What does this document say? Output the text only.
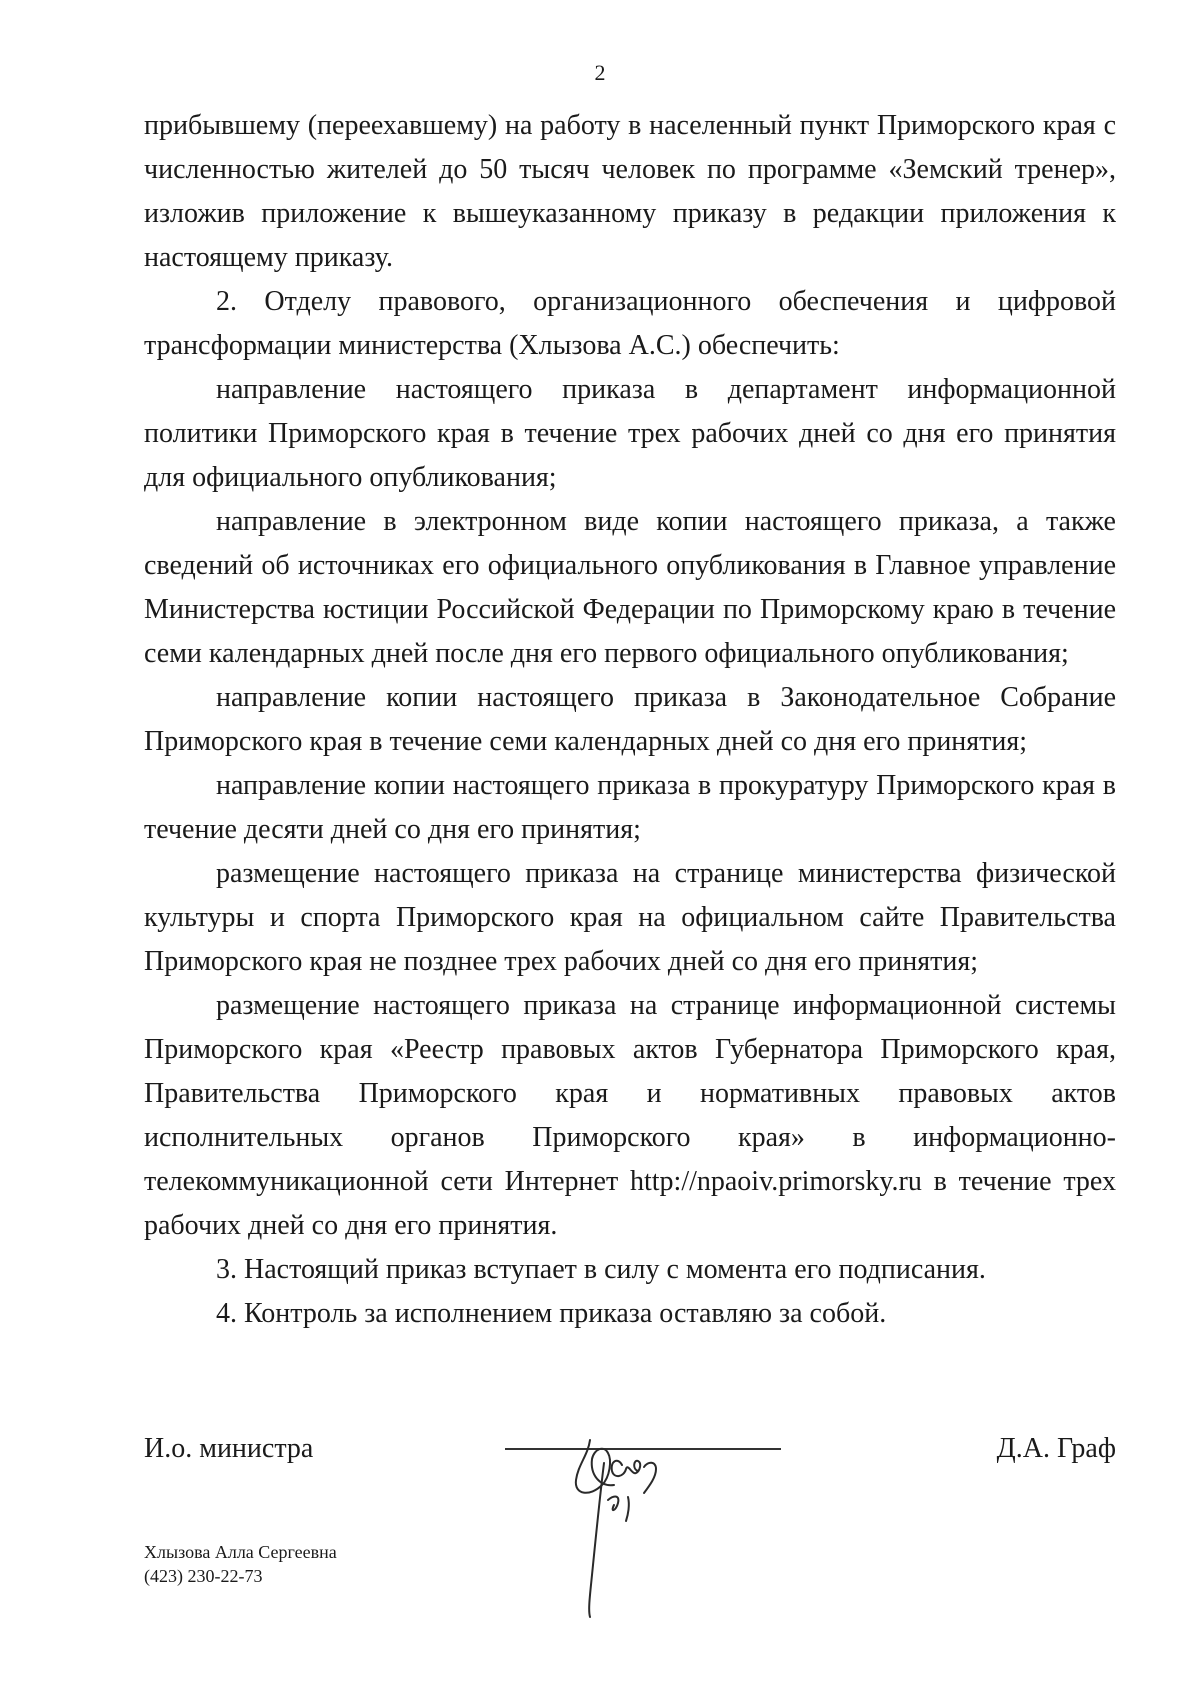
2

прибывшему (переехавшему) на работу в населенный пункт Приморского края с численностью жителей до 50 тысяч человек по программе «Земский тренер», изложив приложение к вышеуказанному приказу в редакции приложения к настоящему приказу.

2. Отделу правового, организационного обеспечения и цифровой трансформации министерства (Хлызова А.С.) обеспечить:

направление настоящего приказа в департамент информационной политики Приморского края в течение трех рабочих дней со дня его принятия для официального опубликования;

направление в электронном виде копии настоящего приказа, а также сведений об источниках его официального опубликования в Главное управление Министерства юстиции Российской Федерации по Приморскому краю в течение семи календарных дней после дня его первого официального опубликования;

направление копии настоящего приказа в Законодательное Собрание Приморского края в течение семи календарных дней со дня его принятия;

направление копии настоящего приказа в прокуратуру Приморского края в течение десяти дней со дня его принятия;

размещение настоящего приказа на странице министерства физической культуры и спорта Приморского края на официальном сайте Правительства Приморского края не позднее трех рабочих дней со дня его принятия;

размещение настоящего приказа на странице информационной системы Приморского края «Реестр правовых актов Губернатора Приморского края, Правительства Приморского края и нормативных правовых актов исполнительных органов Приморского края» в информационно-телекоммуникационной сети Интернет http://npaoiv.primorsky.ru в течение трех рабочих дней со дня его принятия.

3. Настоящий приказ вступает в силу с момента его подписания.

4. Контроль за исполнением приказа оставляю за собой.

И.о. министра	Д.А. Граф
Хлызова Алла Сергеевна
(423) 230-22-73
